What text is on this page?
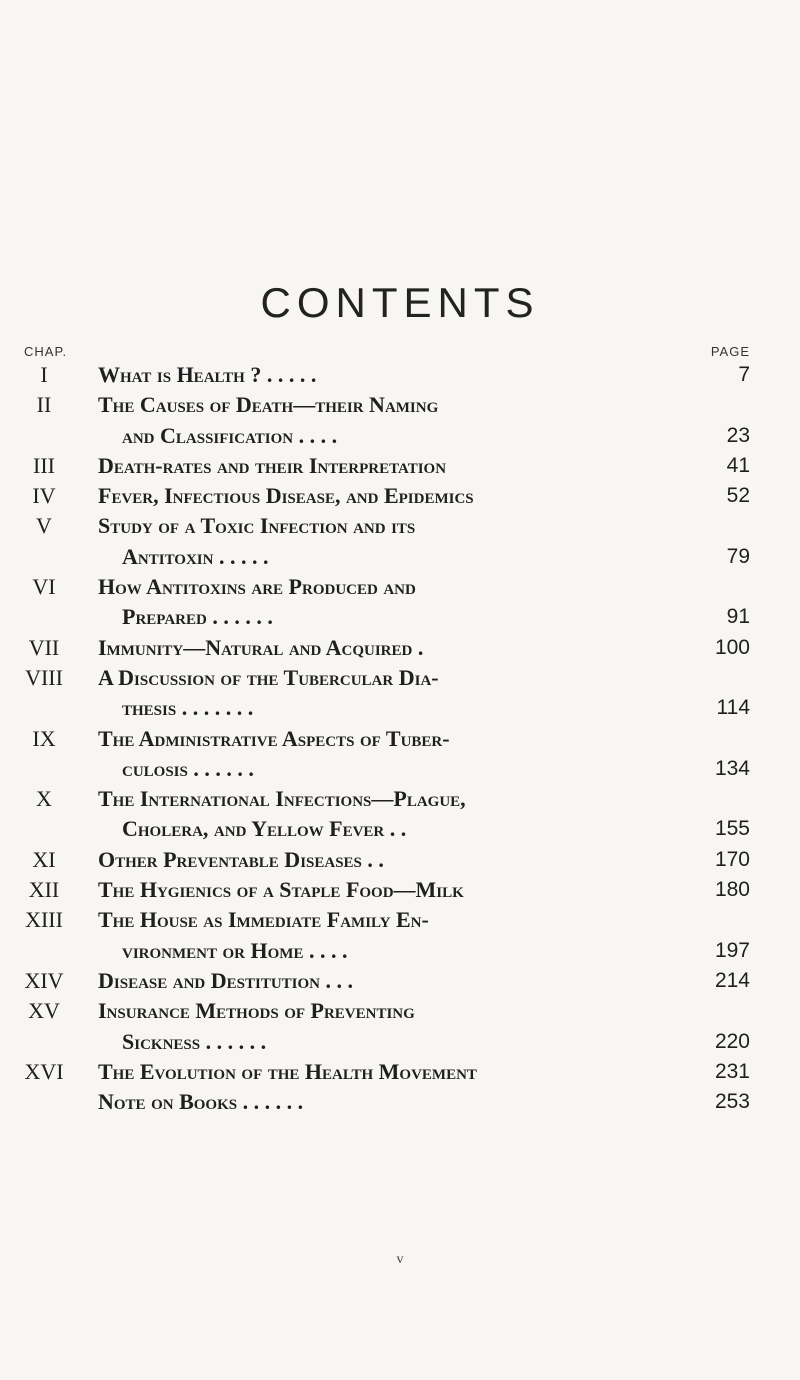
CONTENTS
CHAP.	PAGE
I	What is Health ? . . . . .	7
II	The Causes of Death—their Naming
and Classification . . . .	23
III	Death-rates and their Interpretation	41
IV	Fever, Infectious Disease, and Epidemics	52
V	Study of a Toxic Infection and its
Antitoxin . . . . .	79
VI	How Antitoxins are Produced and
Prepared . . . . . .	91
VII	Immunity—Natural and Acquired .	100
VIII	A Discussion of the Tubercular Dia-
thesis . . . . . . .	114
IX	The Administrative Aspects of Tuber-
culosis . . . . . .	134
X	The International Infections—Plague,
Cholera, and Yellow Fever . .	155
XI	Other Preventable Diseases . .	170
XII	The Hygienics of a Staple Food—Milk	180
XIII	The House as Immediate Family En-
vironment or Home . . . .	197
XIV	Disease and Destitution . . .	214
XV	Insurance Methods of Preventing
Sickness . . . . . .	220
XVI	The Evolution of the Health Movement	231
Note on Books . . . . . .	253
v
